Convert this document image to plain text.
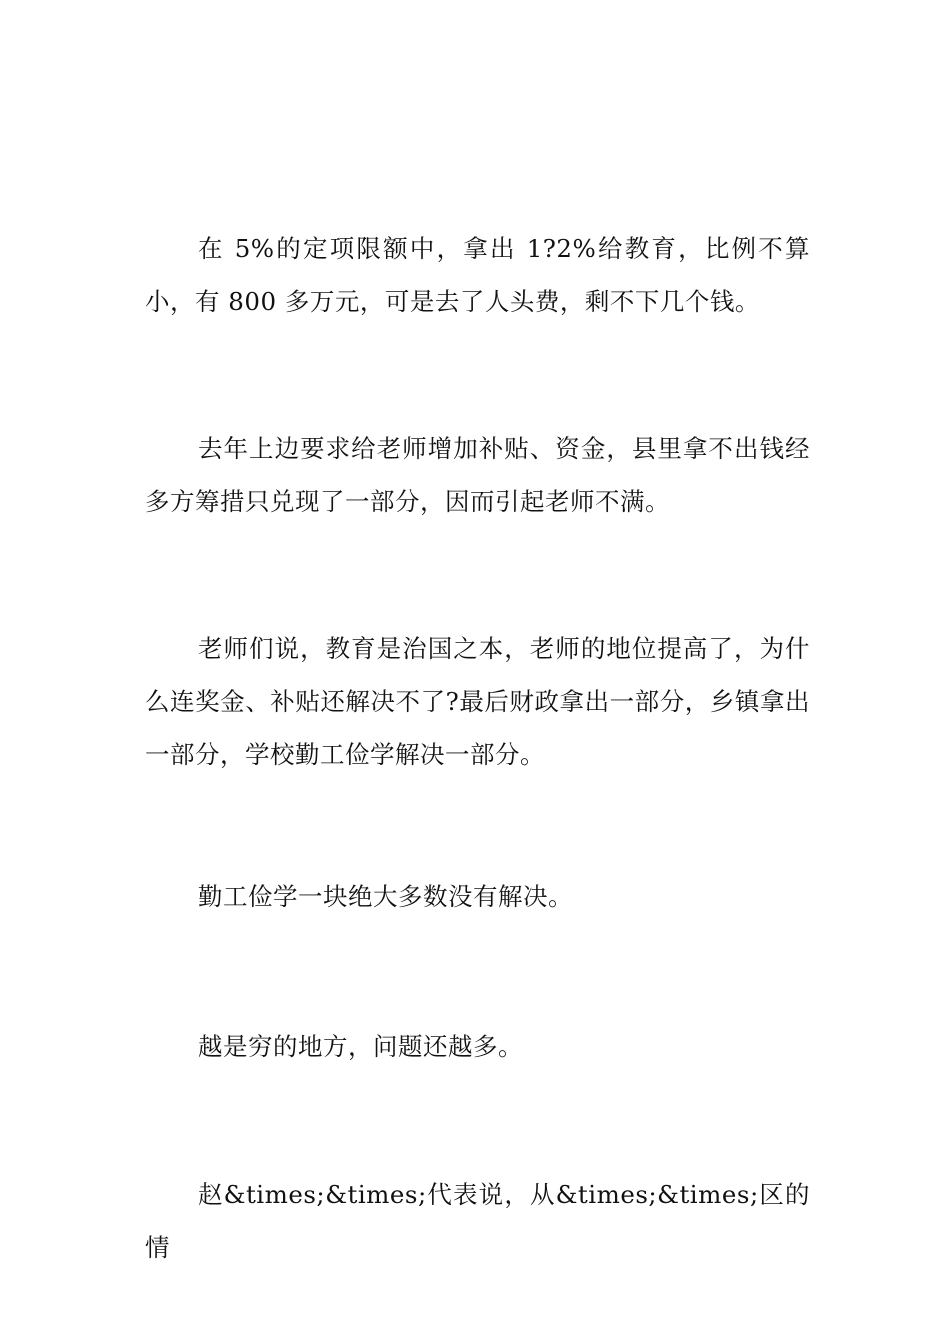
在 5%的定项限额中，拿出 1?2%给教育，比例不算小，有 800 多万元，可是去了人头费，剩不下几个钱。

去年上边要求给老师增加补贴、资金，县里拿不出钱经多方筹措只兑现了一部分，因而引起老师不满。

老师们说，教育是治国之本，老师的地位提高了，为什么连奖金、补贴还解决不了?最后财政拿出一部分，乡镇拿出一部分，学校勤工俭学解决一部分。

勤工俭学一块绝大多数没有解决。

越是穷的地方，问题还越多。

赵&times;&times;代表说，从&times;&times;区的情
